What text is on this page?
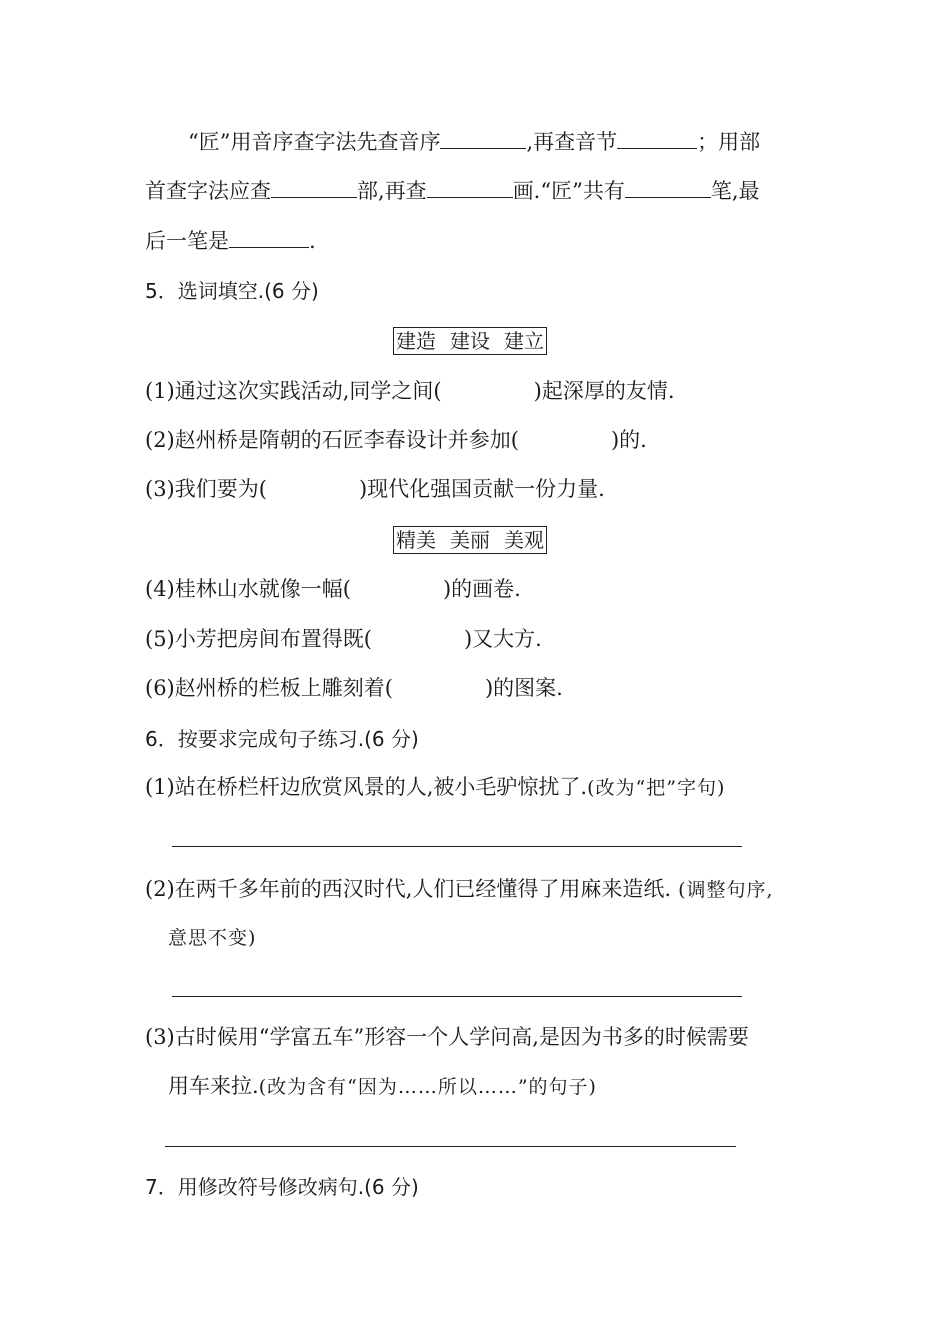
“匠”用音序查字法先查音序	,再查音节	；用部
首查字法应查	部,再查	画.“匠”共有	笔,最
后一笔是	.
5．选词填空.(6 分)
建造 建设 建立
(1)通过这次实践活动,同学之间(	)起深厚的友情.
(2)赵州桥是隋朝的石匠李春设计并参加(	)的.
(3)我们要为(	)现代化强国贡献一份力量.
精美 美丽 美观
(4)桂林山水就像一幅(	)的画卷.
(5)小芳把房间布置得既(	)又大方.
(6)赵州桥的栏板上雕刻着(	)的图案.
6．按要求完成句子练习.(6 分)
(1)站在桥栏杆边欣赏风景的人,被小毛驴惊扰了.(改为“把”字句)
(2)在两千多年前的西汉时代,人们已经懂得了用麻来造纸. (调整句序,
意思不变)
(3)古时候用“学富五车”形容一个人学问高,是因为书多的时候需要
用车来拉.(改为含有“因为……所以……”的句子)
7．用修改符号修改病句.(6 分)
